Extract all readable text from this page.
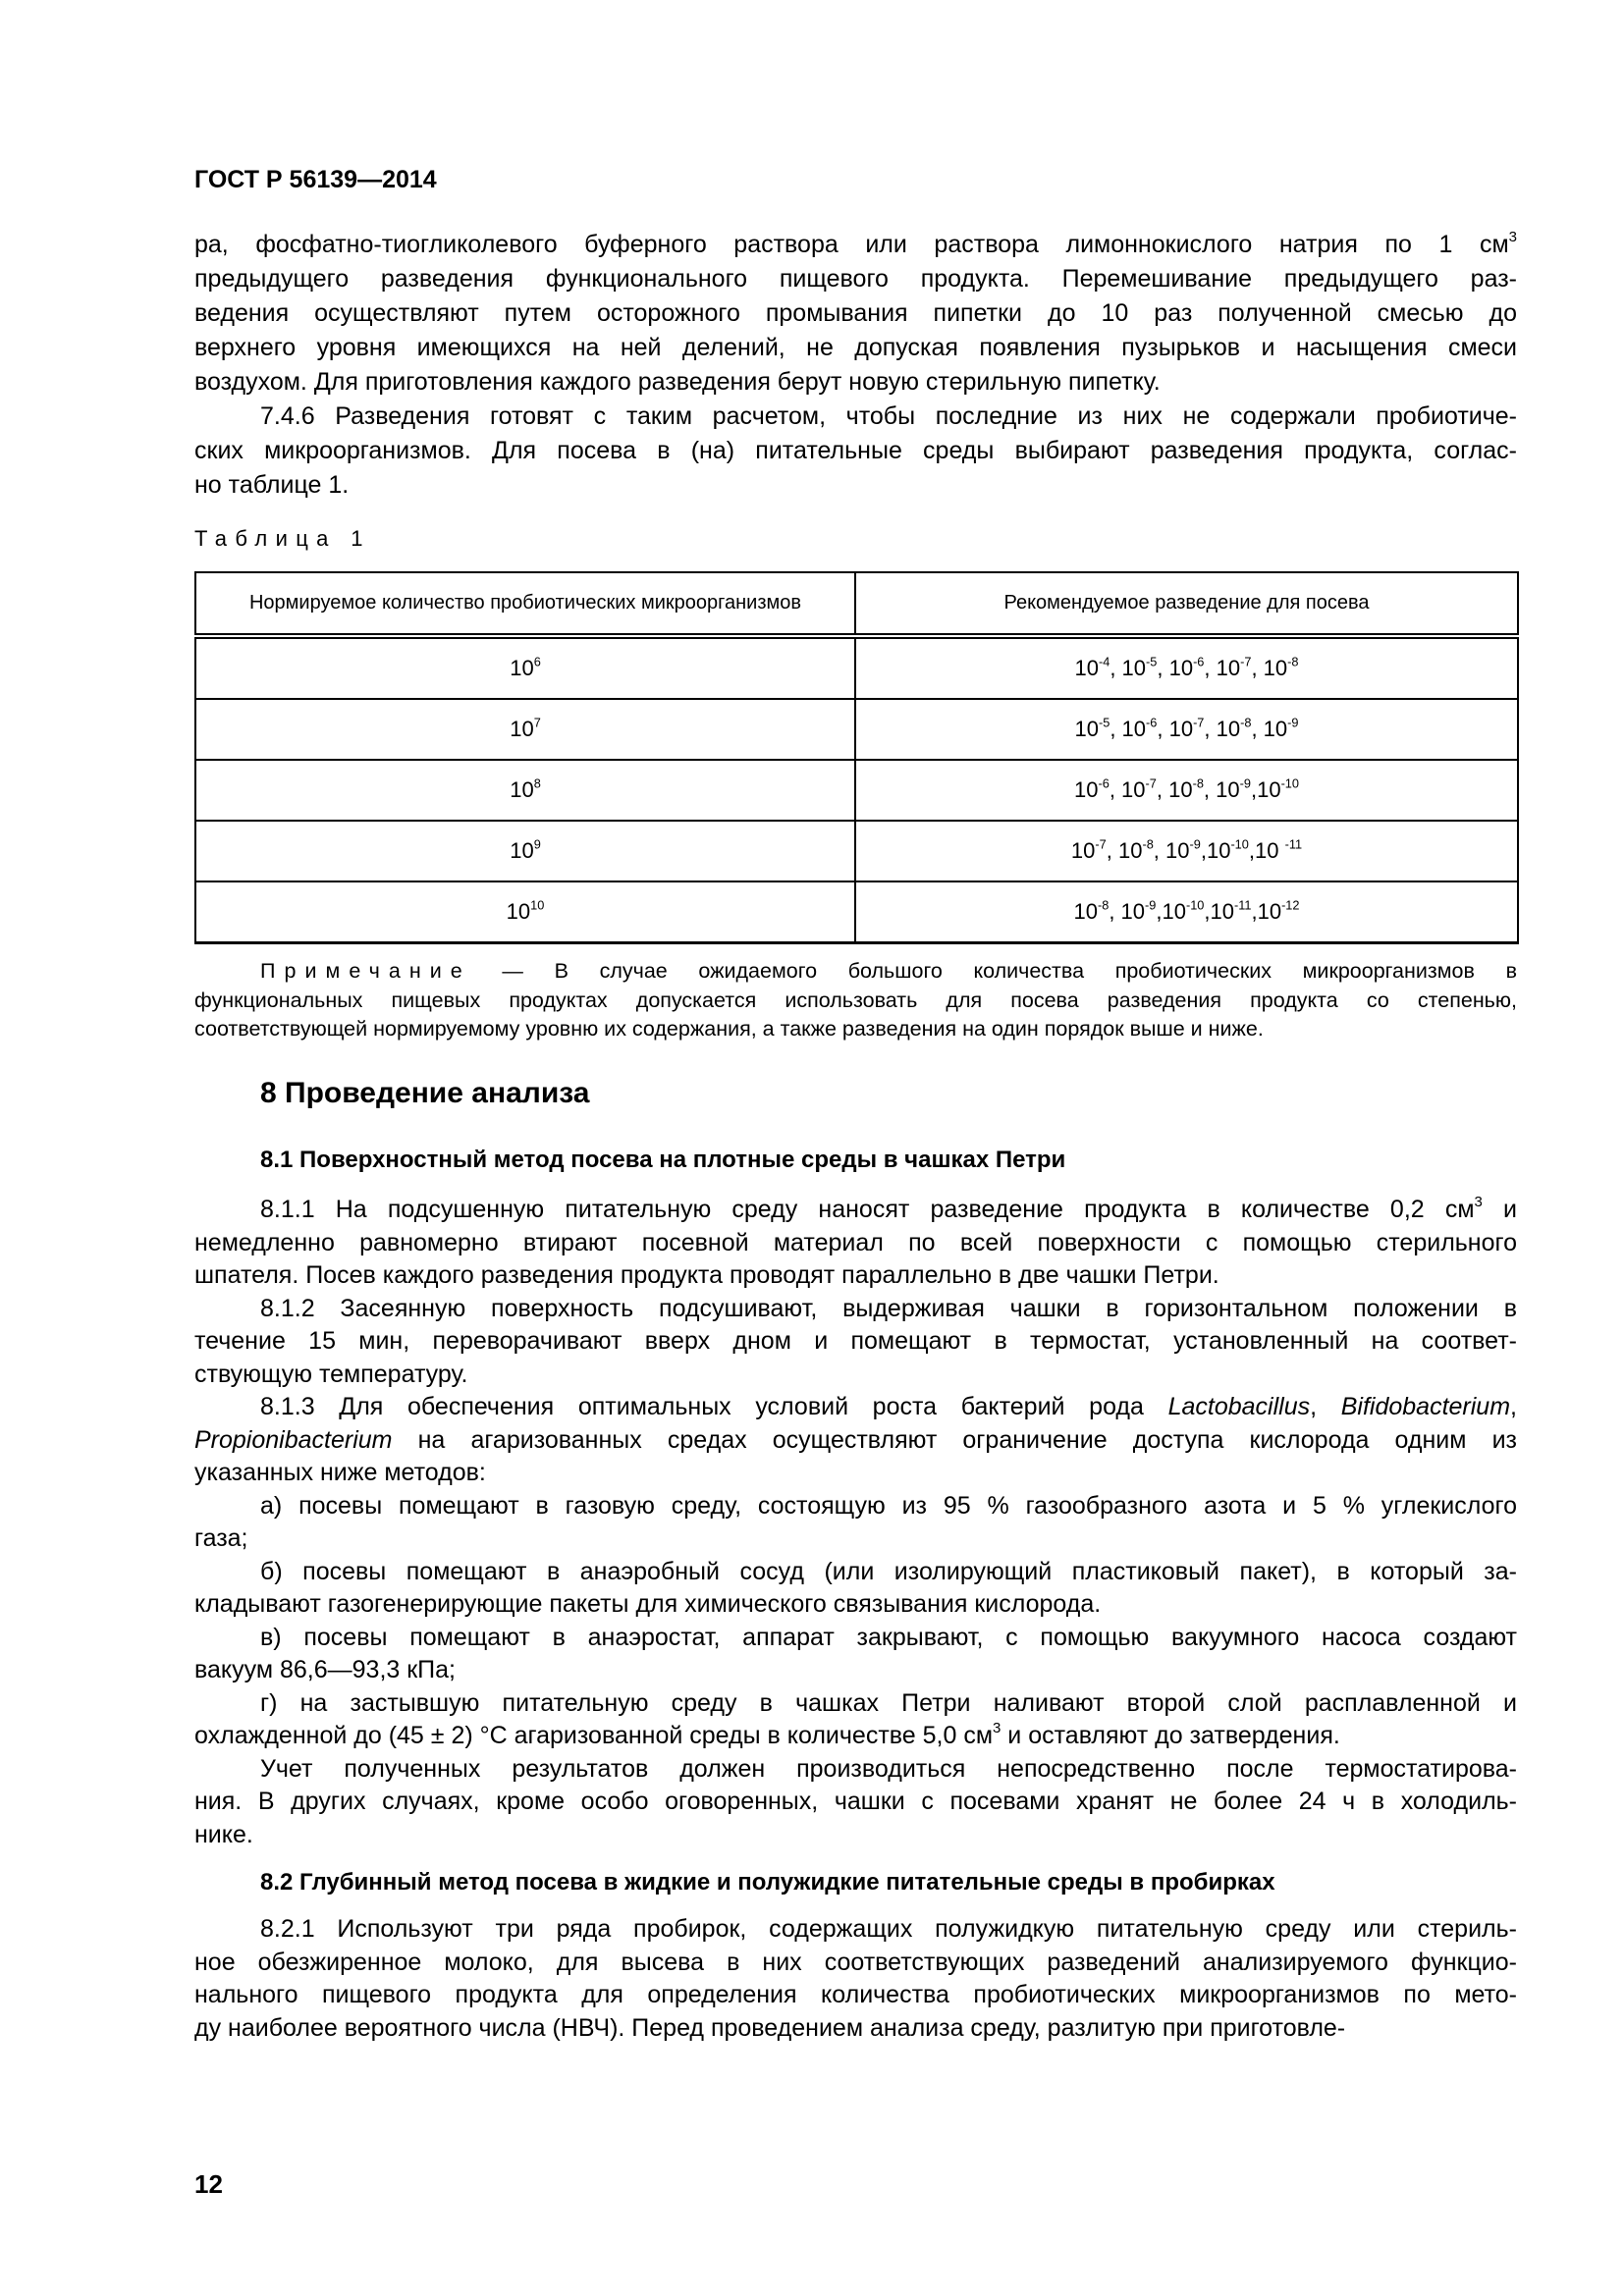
ГОСТ Р 56139—2014
ра, фосфатно-тиогликолевого буферного раствора или раствора лимоннокислого натрия по 1 $см^3$
предыдущего разведения функционального пищевого продукта. Перемешивание предыдущего раз-
ведения осуществляют путем осторожного промывания пипетки до 10 раз полученной смесью до
верхнего уровня имеющихся на ней делений, не допуская появления пузырьков и насыщения смеси
воздухом. Для приготовления каждого разведения берут новую стерильную пипетку.
7.4.6 Разведения готовят с таким расчетом, чтобы последние из них не содержали пробиотиче-
ских микроорганизмов. Для посева в (на) питательные среды выбирают разведения продукта, соглас-
но таблице 1.
Таблица 1
Нормируемое количество пробиотических микроорганизмов	Рекомендуемое разведение для посева
$10^6$	$10^{-4}$, $10^{-5}$, $10^{-6}$, $10^{-7}$, $10^{-8}$
$10^7$	$10^{-5}$, $10^{-6}$, $10^{-7}$, $10^{-8}$, $10^{-9}$
$10^8$	$10^{-6}$, $10^{-7}$, $10^{-8}$, $10^{-9},10^{-10}$
$10^9$	$10^{-7}$, $10^{-8}$, $10^{-9},10^{-10},10$ $^{-11}$
$10^{10}$	$10^{-8}$, $10^{-9},10^{-10},10^{-11},10^{-12}$
Примечание — В случае ожидаемого большого количества пробиотических микроорганизмов в
функциональных пищевых продуктах допускается использовать для посева разведения продукта со степенью,
соответствующей нормируемому уровню их содержания, а также разведения на один порядок выше и ниже.
8 Проведение анализа
8.1 Поверхностный метод посева на плотные среды в чашках Петри
8.1.1 На подсушенную питательную среду наносят разведение продукта в количестве 0,2 $см^3$ и
немедленно равномерно втирают посевной материал по всей поверхности с помощью стерильного
шпателя. Посев каждого разведения продукта проводят параллельно в две чашки Петри.
8.1.2 Засеянную поверхность подсушивают, выдерживая чашки в горизонтальном положении в
течение 15 мин, переворачивают вверх дном и помещают в термостат, установленный на соответ-
ствующую температуру.
8.1.3 Для обеспечения оптимальных условий роста бактерий рода Lactobacillus, Bifidobacterium,
Propionibacterium на агаризованных средах осуществляют ограничение доступа кислорода одним из
указанных ниже методов:
а) посевы помещают в газовую среду, состоящую из 95 % газообразного азота и 5 % углекислого
газа;
б) посевы помещают в анаэробный сосуд (или изолирующий пластиковый пакет), в который за-
кладывают газогенерирующие пакеты для химического связывания кислорода.
в) посевы помещают в анаэростат, аппарат закрывают, с помощью вакуумного насоса создают
вакуум 86,6—93,3 кПа;
г) на застывшую питательную среду в чашках Петри наливают второй слой расплавленной и
охлажденной до (45 ± 2) °С агаризованной среды в количестве 5,0 $см^3$ и оставляют до затвердения.
Учет полученных результатов должен производиться непосредственно после термостатирова-
ния. В других случаях, кроме особо оговоренных, чашки с посевами хранят не более 24 ч в холодиль-
нике.
8.2 Глубинный метод посева в жидкие и полужидкие питательные среды в пробирках
8.2.1 Используют три ряда пробирок, содержащих полужидкую питательную среду или стериль-
ное обезжиренное молоко, для высева в них соответствующих разведений анализируемого функцио-
нального пищевого продукта для определения количества пробиотических микроорганизмов по мето-
ду наиболее вероятного числа (НВЧ). Перед проведением анализа среду, разлитую при приготовле-
12
